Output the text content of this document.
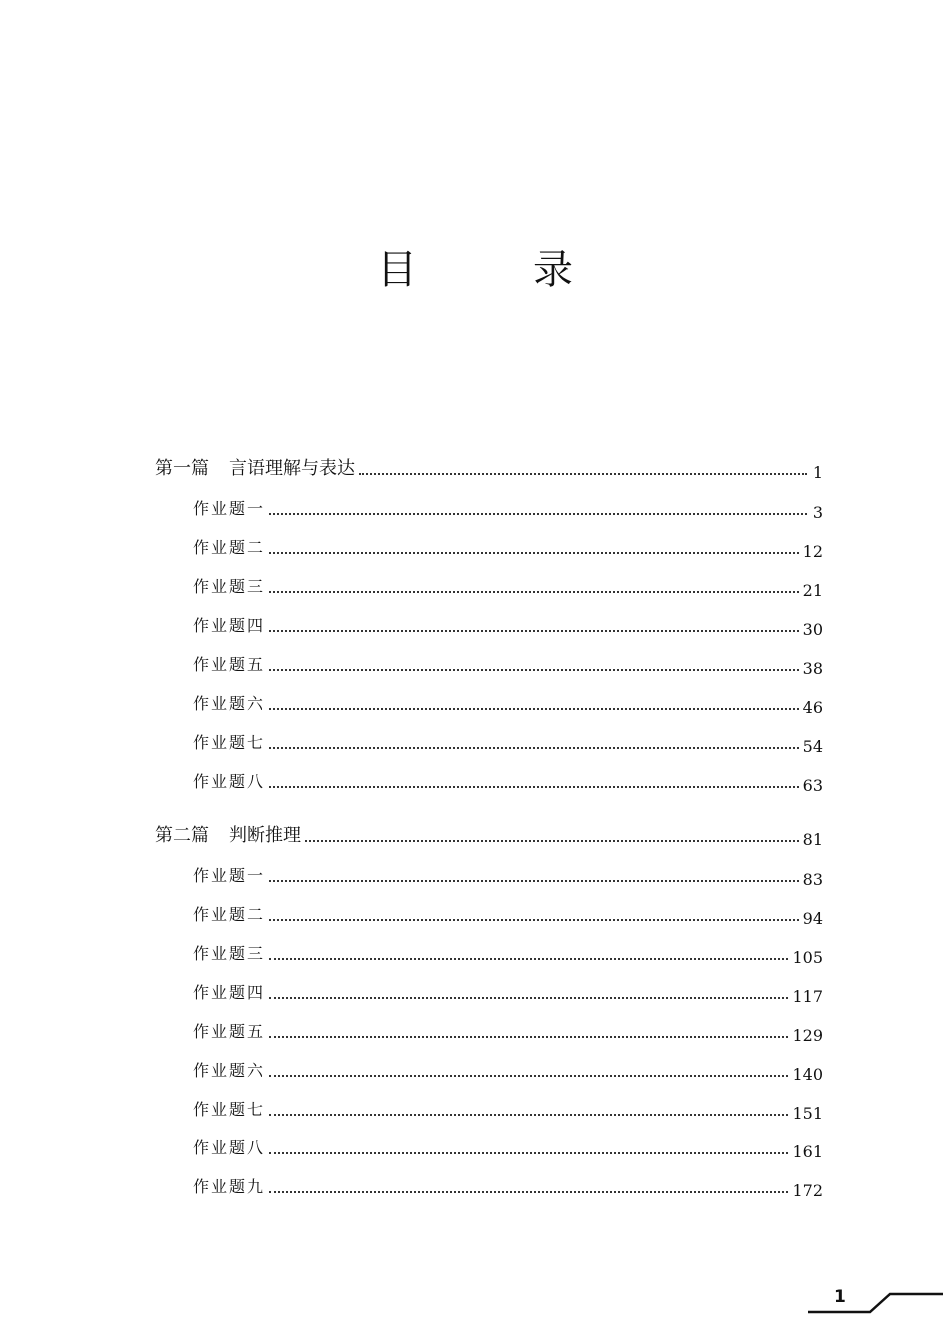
目　录
第一篇 言语理解与表达	1
作业题一	3
作业题二	12
作业题三	21
作业题四	30
作业题五	38
作业题六	46
作业题七	54
作业题八	63
第二篇 判断推理	81
作业题一	83
作业题二	94
作业题三	105
作业题四	117
作业题五	129
作业题六	140
作业题七	151
作业题八	161
作业题九	172
1
